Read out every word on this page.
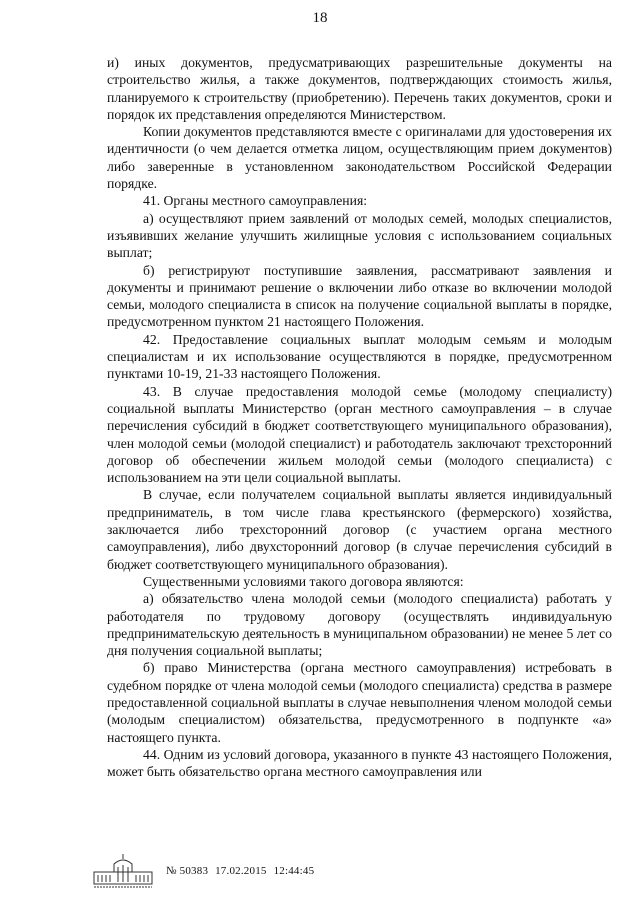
18

и) иных документов, предусматривающих разрешительные документы на строительство жилья, а также документов, подтверждающих стоимость жилья, планируемого к строительству (приобретению). Перечень таких документов, сроки и порядок их представления определяются Министерством.

Копии документов представляются вместе с оригиналами для удостоверения их идентичности (о чем делается отметка лицом, осуществляющим прием документов) либо заверенные в установленном законодательством Российской Федерации порядке.

41. Органы местного самоуправления:

а) осуществляют прием заявлений от молодых семей, молодых специалистов, изъявивших желание улучшить жилищные условия с использованием социальных выплат;

б) регистрируют поступившие заявления, рассматривают заявления и документы и принимают решение о включении либо отказе во включении молодой семьи, молодого специалиста в список на получение социальной выплаты в порядке, предусмотренном пунктом 21 настоящего Положения.

42. Предоставление социальных выплат молодым семьям и молодым специалистам и их использование осуществляются в порядке, предусмотренном пунктами 10-19, 21-33 настоящего Положения.

43. В случае предоставления молодой семье (молодому специалисту) социальной выплаты Министерство (орган местного самоуправления – в случае перечисления субсидий в бюджет соответствующего муниципального образования), член молодой семьи (молодой специалист) и работодатель заключают трехсторонний договор об обеспечении жильем молодой семьи (молодого специалиста) с использованием на эти цели социальной выплаты.

В случае, если получателем социальной выплаты является индивидуальный предприниматель, в том числе глава крестьянского (фермерского) хозяйства, заключается либо трехсторонний договор (с участием органа местного самоуправления), либо двухсторонний договор (в случае перечисления субсидий в бюджет соответствующего муниципального образования).

Существенными условиями такого договора являются:

а) обязательство члена молодой семьи (молодого специалиста) работать у работодателя по трудовому договору (осуществлять индивидуальную предпринимательскую деятельность в муниципальном образовании) не менее 5 лет со дня получения социальной выплаты;

б) право Министерства (органа местного самоуправления) истребовать в судебном порядке от члена молодой семьи (молодого специалиста) средства в размере предоставленной социальной выплаты в случае невыполнения членом молодой семьи (молодым специалистом) обязательства, предусмотренного в подпункте «а» настоящего пункта.

44. Одним из условий договора, указанного в пункте 43 настоящего Положения, может быть обязательство органа местного самоуправления или

№ 50383 17.02.2015 12:44:45
